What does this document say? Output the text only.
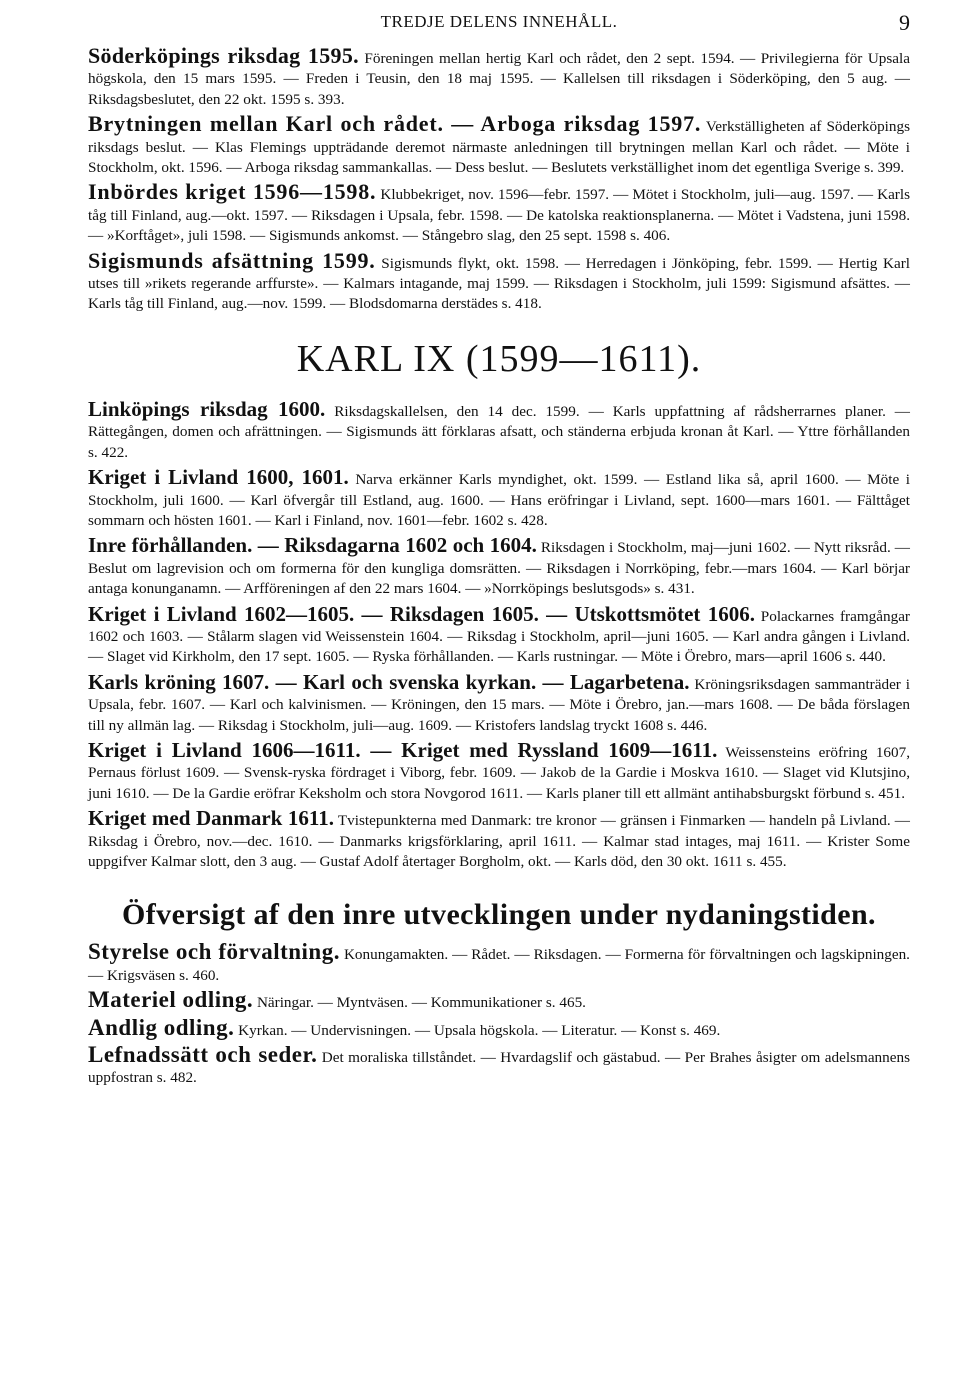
TREDJE DELENS INNEHÅLL.	9

Söderköpings riksdag 1595. Föreningen mellan hertig Karl och rådet, den 2 sept. 1594. — Privilegierna för Upsala högskola, den 15 mars 1595. — Freden i Teusin, den 18 maj 1595. — Kallelsen till riksdagen i Söderköping, den 5 aug. — Riksdagsbeslutet, den 22 okt. 1595 s. 393.

Brytningen mellan Karl och rådet. — Arboga riksdag 1597. Verkställigheten af Söderköpings riksdags beslut. — Klas Flemings uppträdande deremot närmaste anledningen till brytningen mellan Karl och rådet. — Möte i Stockholm, okt. 1596. — Arboga riksdag sammankallas. — Dess beslut. — Beslutets verkställighet inom det egentliga Sverige s. 399.

Inbördes kriget 1596—1598. Klubbekriget, nov. 1596—febr. 1597. — Mötet i Stockholm, juli—aug. 1597. — Karls tåg till Finland, aug.—okt. 1597. — Riksdagen i Upsala, febr. 1598. — De katolska reaktionsplanerna. — Mötet i Vadstena, juni 1598. — »Korftåget», juli 1598. — Sigismunds ankomst. — Stångebro slag, den 25 sept. 1598 s. 406.

Sigismunds afsättning 1599. Sigismunds flykt, okt. 1598. — Herredagen i Jönköping, febr. 1599. — Hertig Karl utses till »rikets regerande arffurste». — Kalmars intagande, maj 1599. — Riksdagen i Stockholm, juli 1599: Sigismund afsättes. — Karls tåg till Finland, aug.—nov. 1599. — Blodsdomarna derstädes s. 418.

KARL IX (1599—1611).

Linköpings riksdag 1600. Riksdagskallelsen, den 14 dec. 1599. — Karls uppfattning af rådsherrarnes planer. — Rättegången, domen och afrättningen. — Sigismunds ätt förklaras afsatt, och ständerna erbjuda kronan åt Karl. — Yttre förhållanden s. 422.

Kriget i Livland 1600, 1601. Narva erkänner Karls myndighet, okt. 1599. — Estland lika så, april 1600. — Möte i Stockholm, juli 1600. — Karl öfvergår till Estland, aug. 1600. — Hans eröfringar i Livland, sept. 1600—mars 1601. — Fälttåget sommarn och hösten 1601. — Karl i Finland, nov. 1601—febr. 1602 s. 428.

Inre förhållanden. — Riksdagarna 1602 och 1604. Riksdagen i Stockholm, maj—juni 1602. — Nytt riksråd. — Beslut om lagrevision och om formerna för den kungliga domsrätten. — Riksdagen i Norrköping, febr.—mars 1604. — Karl börjar antaga konunganamn. — Arfföreningen af den 22 mars 1604. — »Norrköpings beslutsgods» s. 431.

Kriget i Livland 1602—1605. — Riksdagen 1605. — Utskottsmötet 1606. Polackarnes framgångar 1602 och 1603. — Stålarm slagen vid Weissenstein 1604. — Riksdag i Stockholm, april—juni 1605. — Karl andra gången i Livland. — Slaget vid Kirkholm, den 17 sept. 1605. — Ryska förhållanden. — Karls rustningar. — Möte i Örebro, mars—april 1606 s. 440.

Karls kröning 1607. — Karl och svenska kyrkan. — Lagarbetena. Kröningsriksdagen sammanträder i Upsala, febr. 1607. — Karl och kalvinismen. — Kröningen, den 15 mars. — Möte i Örebro, jan.—mars 1608. — De båda förslagen till ny allmän lag. — Riksdag i Stockholm, juli—aug. 1609. — Kristofers landslag tryckt 1608 s. 446.

Kriget i Livland 1606—1611. — Kriget med Ryssland 1609—1611. Weissensteins eröfring 1607, Pernaus förlust 1609. — Svensk-ryska fördraget i Viborg, febr. 1609. — Jakob de la Gardie i Moskva 1610. — Slaget vid Klutsjino, juni 1610. — De la Gardie eröfrar Keksholm och stora Novgorod 1611. — Karls planer till ett allmänt antihabsburgskt förbund s. 451.

Kriget med Danmark 1611. Tvistepunkterna med Danmark: tre kronor — gränsen i Finmarken — handeln på Livland. — Riksdag i Örebro, nov.—dec. 1610. — Danmarks krigsförklaring, april 1611. — Kalmar stad intages, maj 1611. — Krister Some uppgifver Kalmar slott, den 3 aug. — Gustaf Adolf återtager Borgholm, okt. — Karls död, den 30 okt. 1611 s. 455.

Öfversigt af den inre utvecklingen under nydaningstiden.

Styrelse och förvaltning. Konungamakten. — Rådet. — Riksdagen. — Formerna för förvaltningen och lagskipningen. — Krigsväsen s. 460.

Materiel odling. Näringar. — Myntväsen. — Kommunikationer s. 465.

Andlig odling. Kyrkan. — Undervisningen. — Upsala högskola. — Literatur. — Konst s. 469.

Lefnadssätt och seder. Det moraliska tillståndet. — Hvardagslif och gästabud. — Per Brahes åsigter om adelsmannens uppfostran s. 482.
